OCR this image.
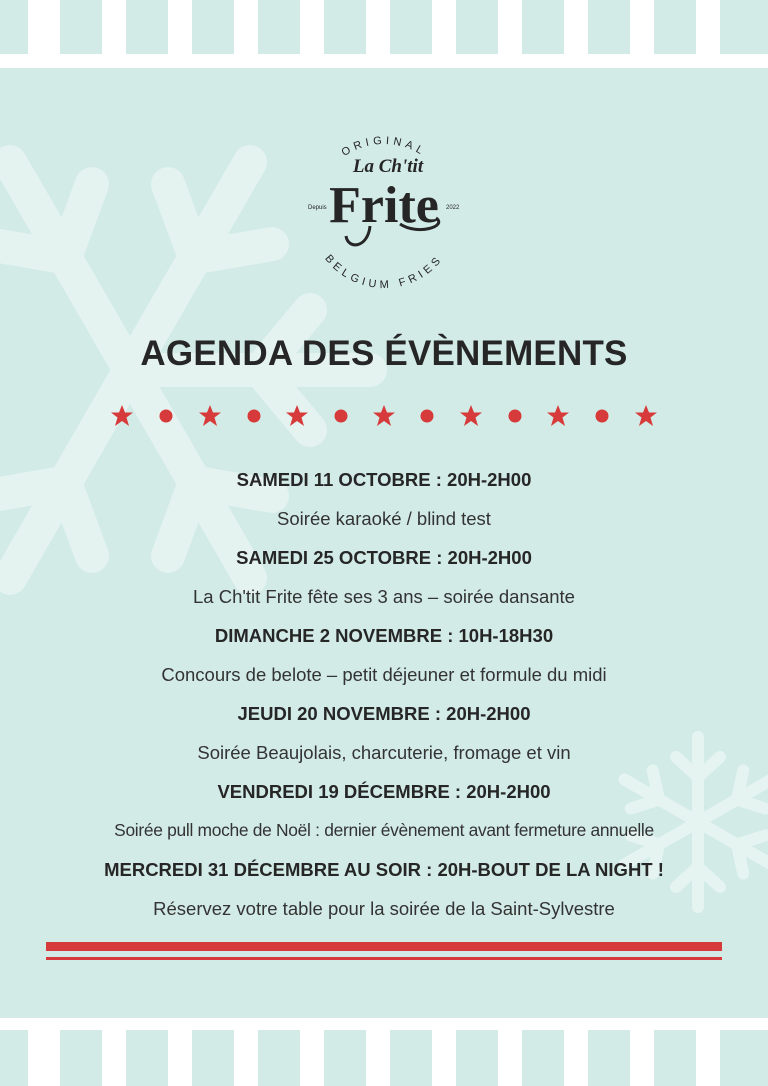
ORIGINAL
BELGIUM FRIES
La Ch'tit
Frite
Depuis	2022
AGENDA DES ÉVÈNEMENTS
SAMEDI 11 OCTOBRE : 20H-2H00
Soirée karaoké / blind test
SAMEDI 25 OCTOBRE : 20H-2H00
La Ch'tit Frite fête ses 3 ans – soirée dansante
DIMANCHE 2 NOVEMBRE : 10H-18H30
Concours de belote – petit déjeuner et formule du midi
JEUDI 20 NOVEMBRE : 20H-2H00
Soirée Beaujolais, charcuterie, fromage et vin
VENDREDI 19 DÉCEMBRE : 20H-2H00
Soirée pull moche de Noël : dernier évènement avant fermeture annuelle
MERCREDI 31 DÉCEMBRE AU SOIR : 20H-BOUT DE LA NIGHT !
Réservez votre table pour la soirée de la Saint-Sylvestre
